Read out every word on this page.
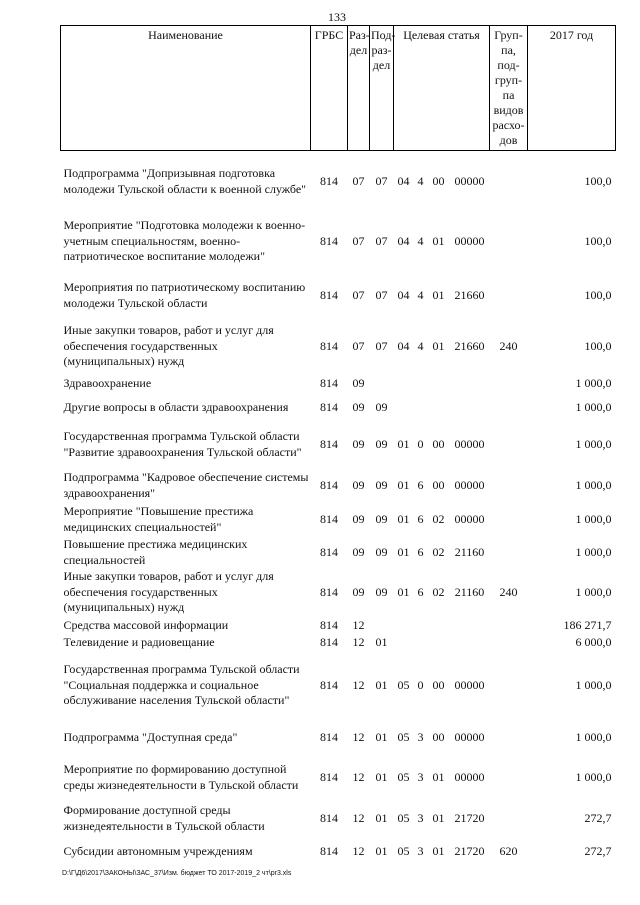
133
Наименование	ГРБС	Раз-дел	Под-раз-дел	Целевая статья				Груп-па, под-груп-па видов расхо-дов	2017 год
Подпрограмма "Допризывная подготовка молодежи Тульской области к военной службе"	814	07	07	04	4	00	00000		100,0
Мероприятие "Подготовка молодежи к военно-учетным специальностям, военно-патриотическое воспитание молодежи"	814	07	07	04	4	01	00000		100,0
Мероприятия по патриотическому воспитанию молодежи Тульской области	814	07	07	04	4	01	21660		100,0
Иные закупки товаров, работ и услуг для обеспечения государственных (муниципальных) нужд	814	07	07	04	4	01	21660	240	100,0
Здравоохранение	814	09							1 000,0
Другие вопросы в области здравоохранения	814	09	09						1 000,0
Государственная программа Тульской области "Развитие здравоохранения Тульской области"	814	09	09	01	0	00	00000		1 000,0
Подпрограмма "Кадровое обеспечение системы здравоохранения"	814	09	09	01	6	00	00000		1 000,0
Мероприятие "Повышение престижа медицинских специальностей"	814	09	09	01	6	02	00000		1 000,0
Повышение престижа медицинских специальностей	814	09	09	01	6	02	21160		1 000,0
Иные закупки товаров, работ и услуг для обеспечения государственных (муниципальных) нужд	814	09	09	01	6	02	21160	240	1 000,0
Средства массовой информации	814	12							186 271,7
Телевидение и радиовещание	814	12	01						6 000,0
Государственная программа Тульской области "Социальная поддержка и социальное обслуживание населения Тульской области"	814	12	01	05	0	00	00000		1 000,0
Подпрограмма "Доступная среда"	814	12	01	05	3	00	00000		1 000,0
Мероприятие по формированию доступной среды жизнедеятельности в Тульской области	814	12	01	05	3	01	00000		1 000,0
Формирование доступной среды жизнедеятельности в Тульской области	814	12	01	05	3	01	21720		272,7
Субсидии автономным учреждениям	814	12	01	05	3	01	21720	620	272,7
D:\Г\Д6\2017\ЗАКОНЫ\ЗАС_37\Изм. бюджет ТО 2017-2019_2 чт\pr3.xls
